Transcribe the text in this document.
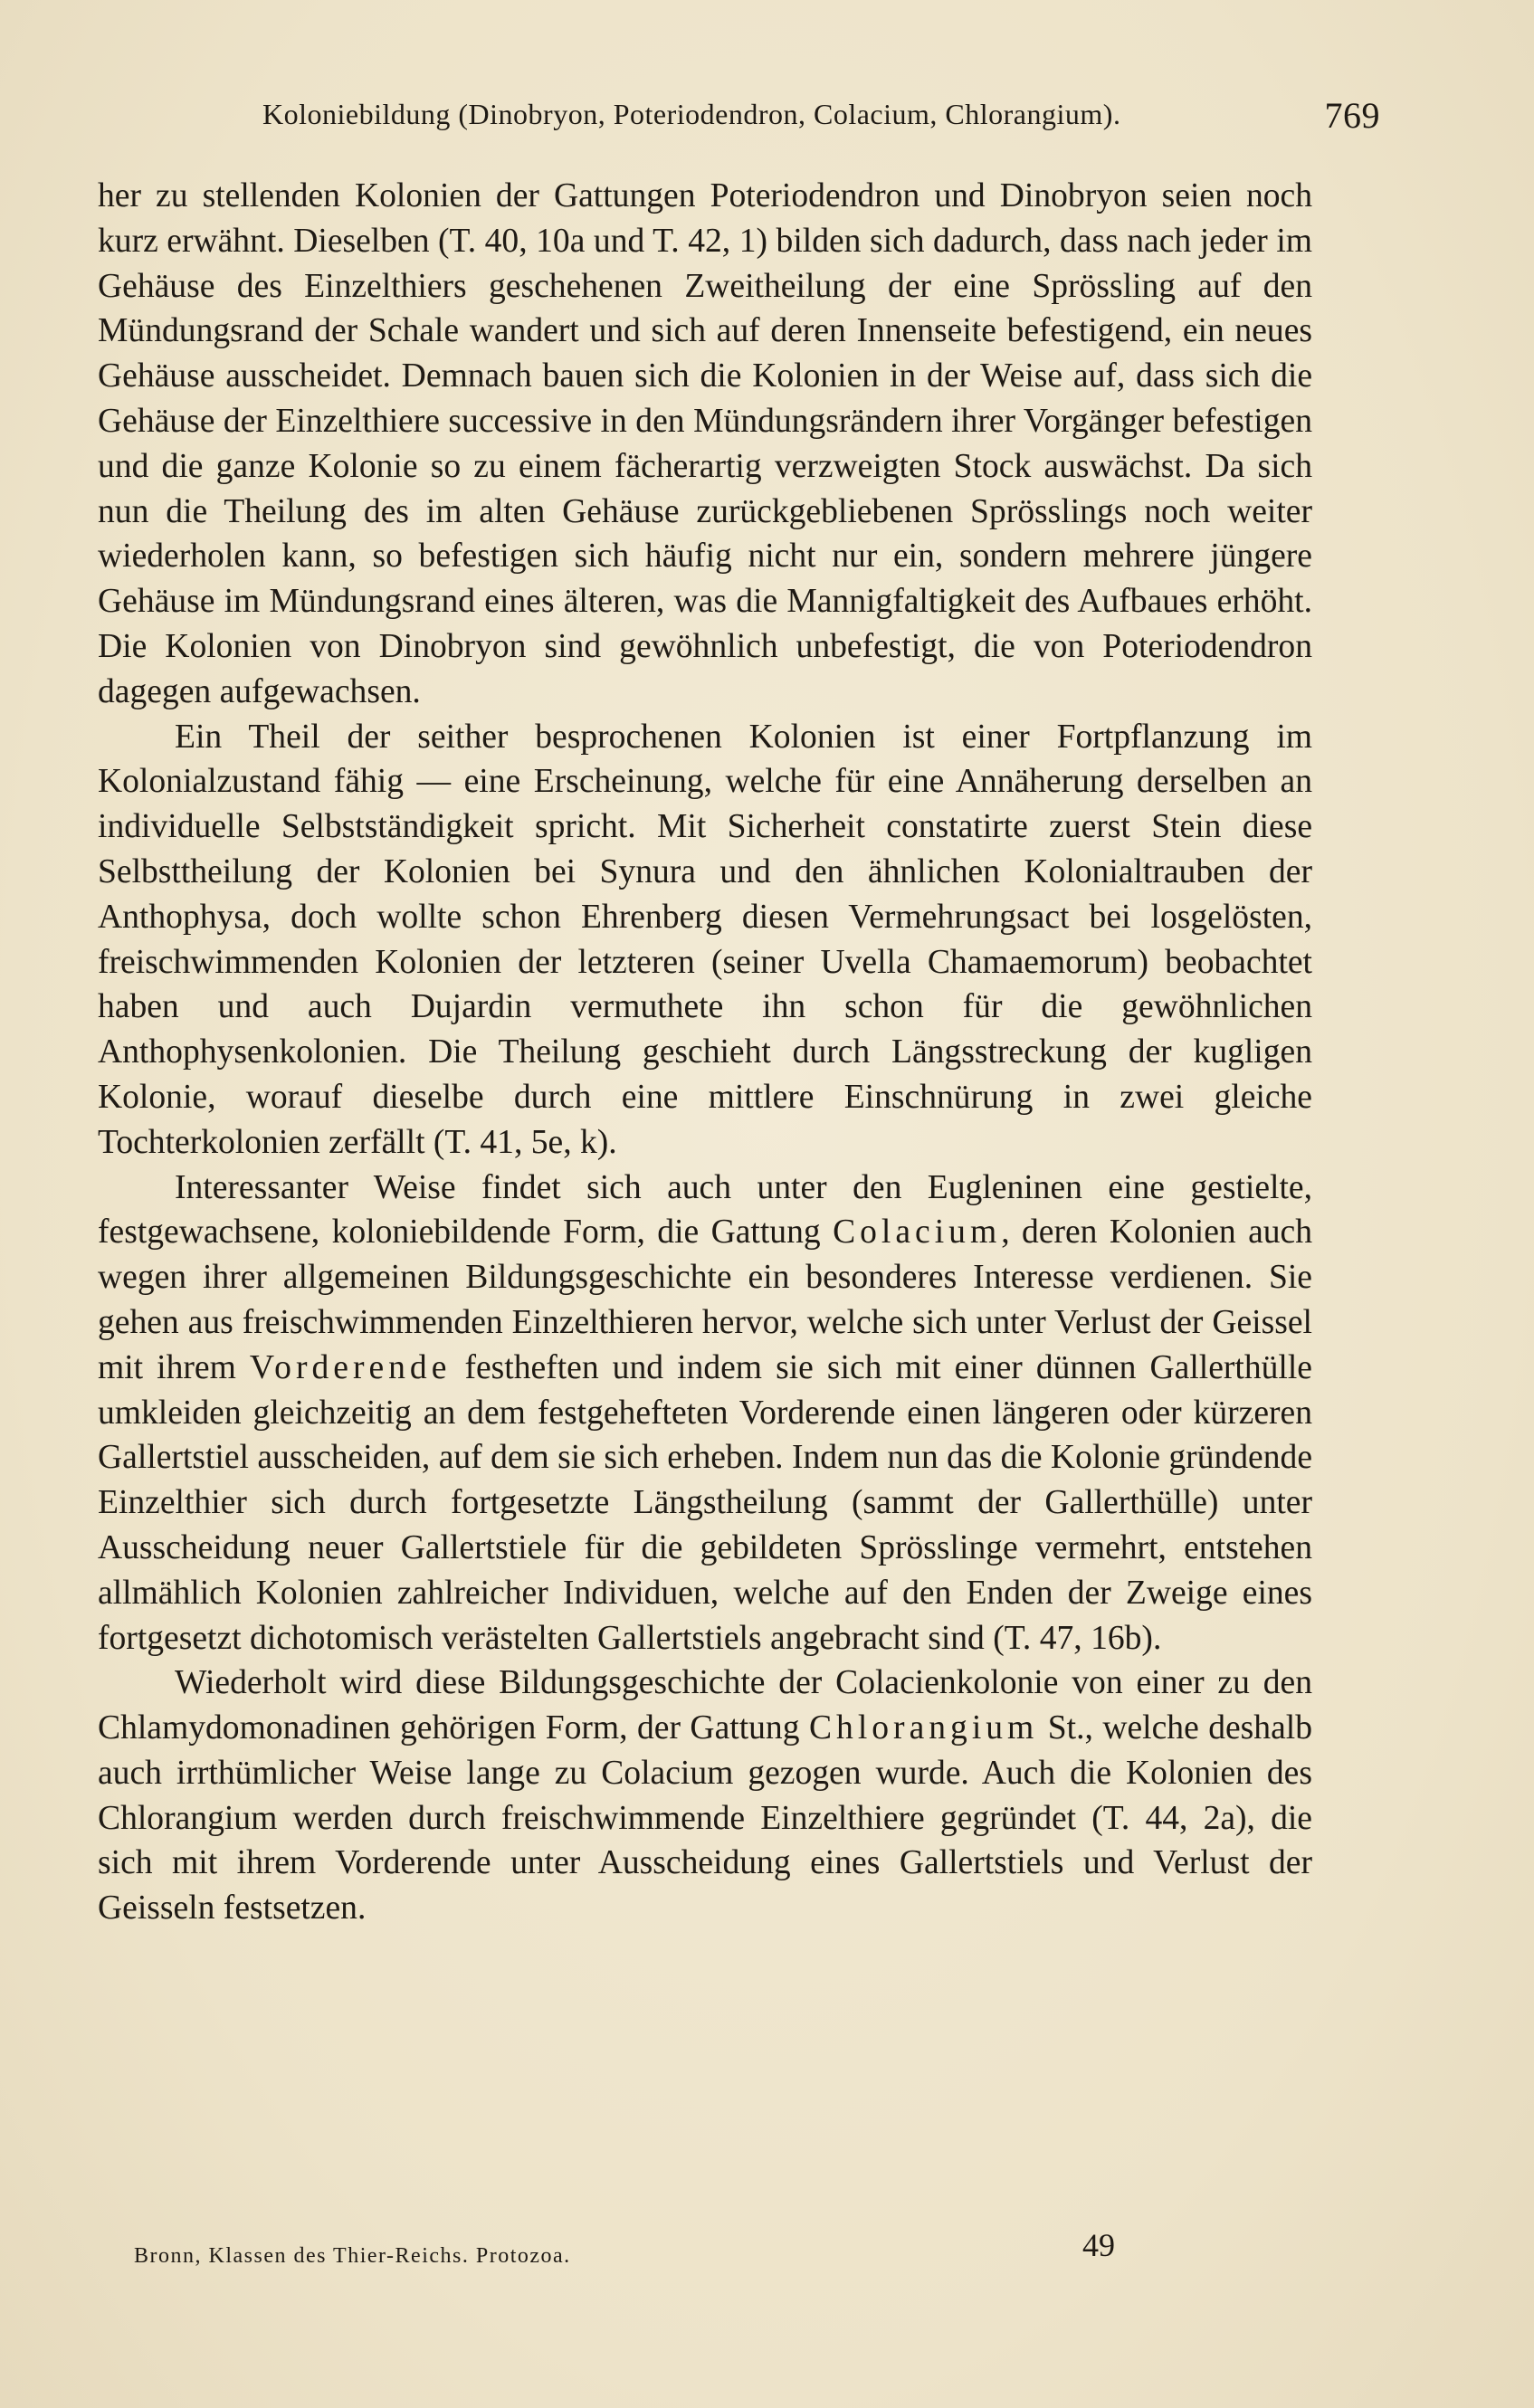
Koloniebildung (Dinobryon, Poteriodendron, Colacium, Chlorangium).	769

her zu stellenden Kolonien der Gattungen Poteriodendron und Dinobryon seien noch kurz erwähnt. Dieselben (T. 40, 10a und T. 42, 1) bilden sich dadurch, dass nach jeder im Gehäuse des Einzelthiers geschehenen Zweitheilung der eine Sprössling auf den Mündungsrand der Schale wandert und sich auf deren Innenseite befestigend, ein neues Gehäuse ausscheidet. Demnach bauen sich die Kolonien in der Weise auf, dass sich die Gehäuse der Einzelthiere successive in den Mündungsrändern ihrer Vorgänger befestigen und die ganze Kolonie so zu einem fächerartig verzweigten Stock auswächst. Da sich nun die Theilung des im alten Gehäuse zurückgebliebenen Sprösslings noch weiter wiederholen kann, so befestigen sich häufig nicht nur ein, sondern mehrere jüngere Gehäuse im Mündungsrand eines älteren, was die Mannigfaltigkeit des Aufbaues erhöht. Die Kolonien von Dinobryon sind gewöhnlich unbefestigt, die von Poteriodendron dagegen aufgewachsen.

Ein Theil der seither besprochenen Kolonien ist einer Fortpflanzung im Kolonialzustand fähig — eine Erscheinung, welche für eine Annäherung derselben an individuelle Selbstständigkeit spricht. Mit Sicherheit constatirte zuerst Stein diese Selbsttheilung der Kolonien bei Synura und den ähnlichen Kolonialtrauben der Anthophysa, doch wollte schon Ehrenberg diesen Vermehrungsact bei losgelösten, freischwimmenden Kolonien der letzteren (seiner Uvella Chamaemorum) beobachtet haben und auch Dujardin vermuthete ihn schon für die gewöhnlichen Anthophysenkolonien. Die Theilung geschieht durch Längsstreckung der kugligen Kolonie, worauf dieselbe durch eine mittlere Einschnürung in zwei gleiche Tochterkolonien zerfällt (T. 41, 5e, k).

Interessanter Weise findet sich auch unter den Eugleninen eine gestielte, festgewachsene, koloniebildende Form, die Gattung Colacium, deren Kolonien auch wegen ihrer allgemeinen Bildungsgeschichte ein besonderes Interesse verdienen. Sie gehen aus freischwimmenden Einzelthieren hervor, welche sich unter Verlust der Geissel mit ihrem Vorderende festheften und indem sie sich mit einer dünnen Gallerthülle umkleiden gleichzeitig an dem festgehefteten Vorderende einen längeren oder kürzeren Gallertstiel ausscheiden, auf dem sie sich erheben. Indem nun das die Kolonie gründende Einzelthier sich durch fortgesetzte Längstheilung (sammt der Gallerthülle) unter Ausscheidung neuer Gallertstiele für die gebildeten Sprösslinge vermehrt, entstehen allmählich Kolonien zahlreicher Individuen, welche auf den Enden der Zweige eines fortgesetzt dichotomisch verästelten Gallertstiels angebracht sind (T. 47, 16b).

Wiederholt wird diese Bildungsgeschichte der Colacienkolonie von einer zu den Chlamydomonadinen gehörigen Form, der Gattung Chlorangium St., welche deshalb auch irrthümlicher Weise lange zu Colacium gezogen wurde. Auch die Kolonien des Chlorangium werden durch freischwimmende Einzelthiere gegründet (T. 44, 2a), die sich mit ihrem Vorderende unter Ausscheidung eines Gallertstiels und Verlust der Geisseln festsetzen.

Bronn, Klassen des Thier-Reichs. Protozoa.	49
